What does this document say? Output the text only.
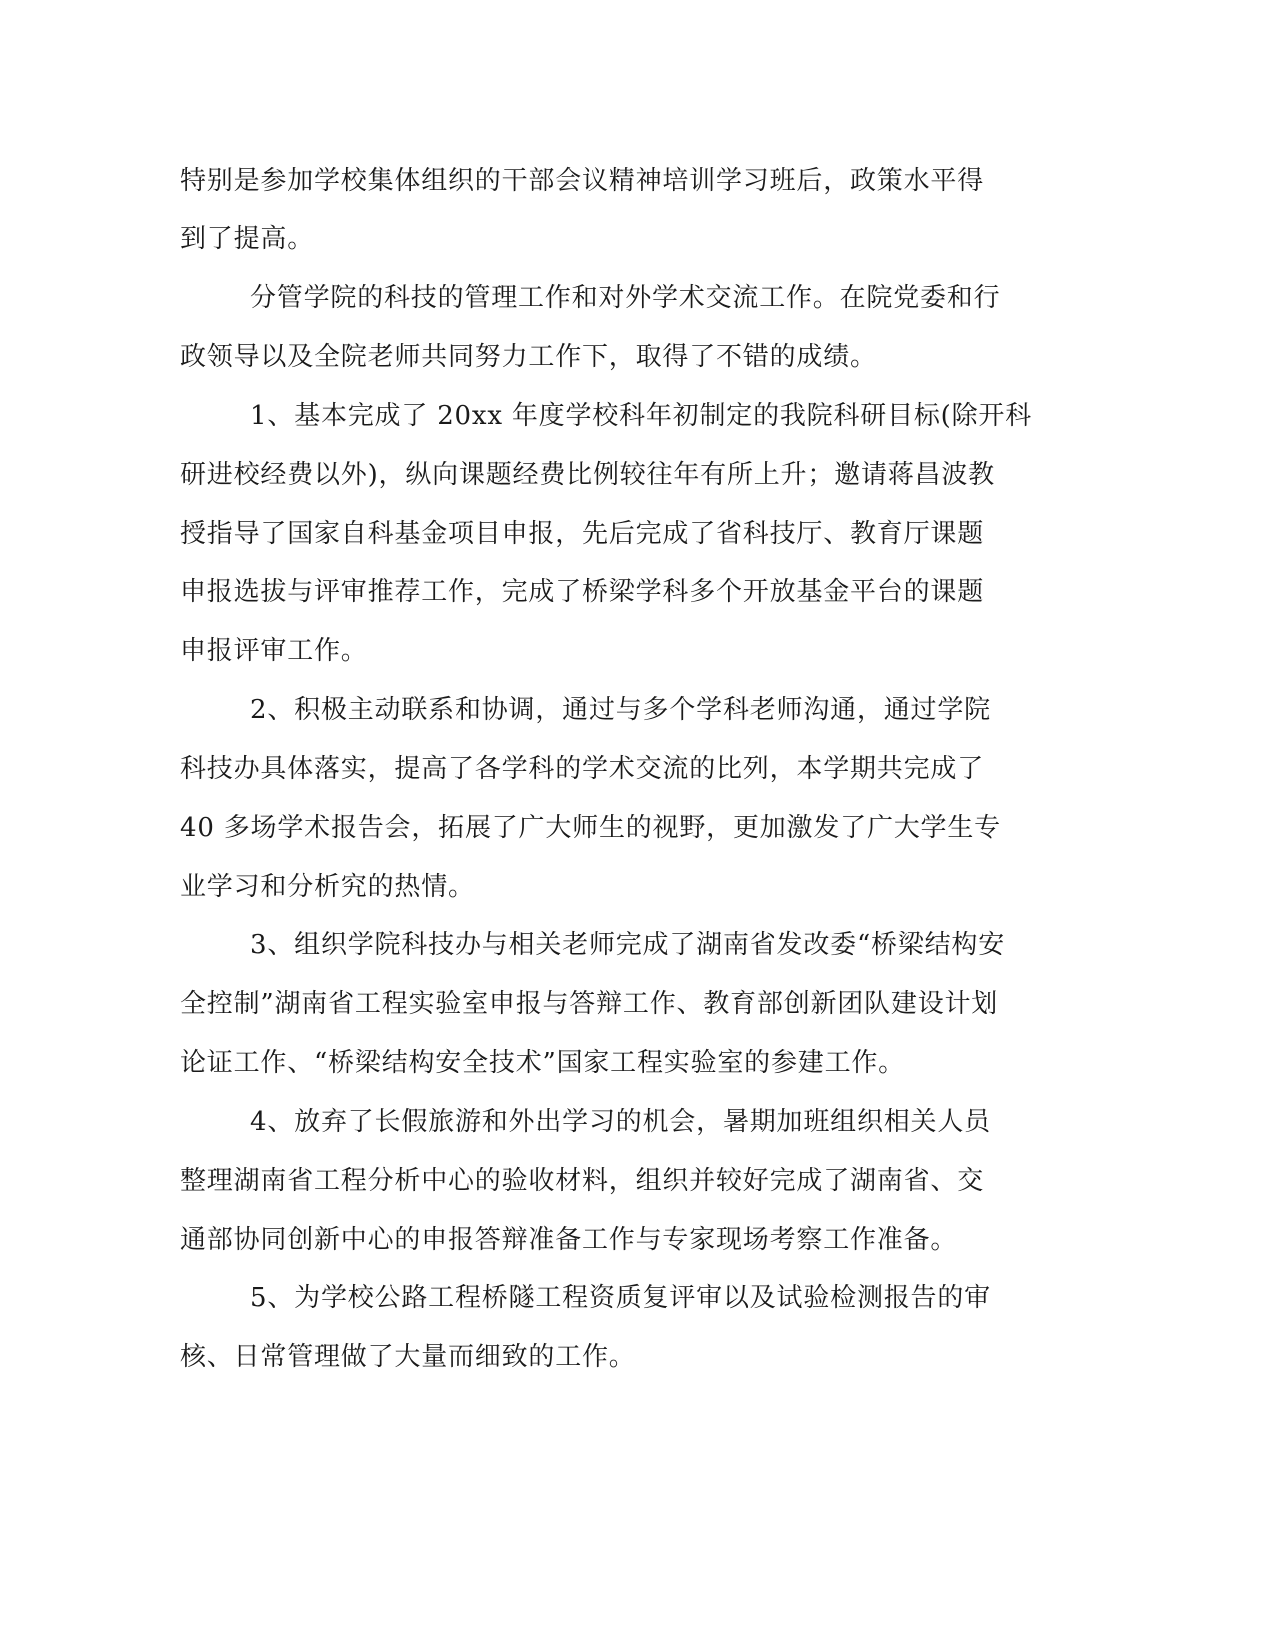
特别是参加学校集体组织的干部会议精神培训学习班后，政策水平得

到了提高。

分管学院的科技的管理工作和对外学术交流工作。在院党委和行

政领导以及全院老师共同努力工作下，取得了不错的成绩。

1、基本完成了 20xx 年度学校科年初制定的我院科研目标(除开科

研进校经费以外)，纵向课题经费比例较往年有所上升；邀请蒋昌波教

授指导了国家自科基金项目申报，先后完成了省科技厅、教育厅课题

申报选拔与评审推荐工作，完成了桥梁学科多个开放基金平台的课题

申报评审工作。

2、积极主动联系和协调，通过与多个学科老师沟通，通过学院

科技办具体落实，提高了各学科的学术交流的比列，本学期共完成了

40 多场学术报告会，拓展了广大师生的视野，更加激发了广大学生专

业学习和分析究的热情。

3、组织学院科技办与相关老师完成了湖南省发改委“桥梁结构安

全控制”湖南省工程实验室申报与答辩工作、教育部创新团队建设计划

论证工作、“桥梁结构安全技术”国家工程实验室的参建工作。

4、放弃了长假旅游和外出学习的机会，暑期加班组织相关人员

整理湖南省工程分析中心的验收材料，组织并较好完成了湖南省、交

通部协同创新中心的申报答辩准备工作与专家现场考察工作准备。

5、为学校公路工程桥隧工程资质复评审以及试验检测报告的审

核、日常管理做了大量而细致的工作。
